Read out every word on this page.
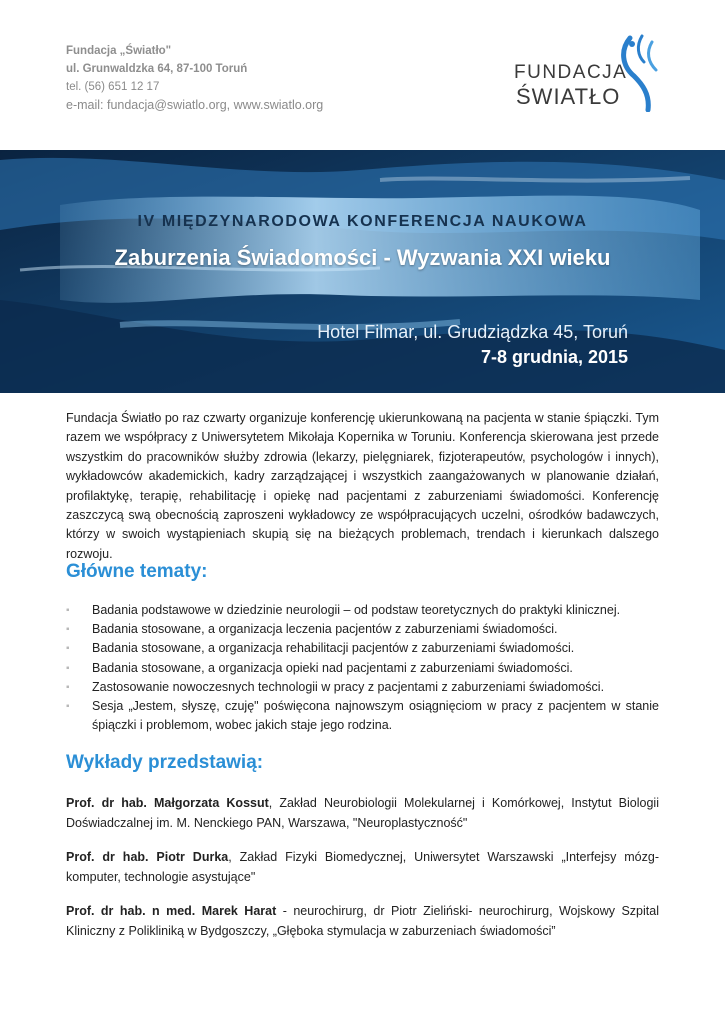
Fundacja „Światło"
ul. Grunwaldzka 64, 87-100 Toruń
tel. (56) 651 12 17
e-mail: fundacja@swiatlo.org, www.swiatlo.org
FUNDACJA
ŚWIATŁO
IV MIĘDZYNARODOWA KONFERENCJA NAUKOWA
Zaburzenia Świadomości - Wyzwania XXI wieku
Hotel Filmar, ul. Grudziądzka 45, Toruń
7-8 grudnia, 2015
Fundacja Światło po raz czwarty organizuje konferencję ukierunkowaną na pacjenta w stanie śpiączki. Tym razem we współpracy z Uniwersytetem Mikołaja Kopernika w Toruniu. Konferencja skierowana jest przede wszystkim do pracowników służby zdrowia (lekarzy, pielęgniarek, fizjoterapeutów, psychologów i innych), wykładowców akademickich, kadry zarządzającej i wszystkich zaangażowanych w planowanie działań, profilaktykę, terapię, rehabilitację i opiekę nad pacjentami z zaburzeniami świadomości. Konferencję zaszczycą swą obecnością zaproszeni wykładowcy ze współpracujących uczelni, ośrodków badawczych, którzy w swoich wystąpieniach skupią się na bieżących problemach, trendach i kierunkach dalszego rozwoju.
Główne tematy:
▪ Badania podstawowe w dziedzinie neurologii – od podstaw teoretycznych do praktyki klinicznej.
▪ Badania stosowane, a organizacja leczenia pacjentów z zaburzeniami świadomości.
▪ Badania stosowane, a organizacja rehabilitacji pacjentów z zaburzeniami świadomości.
▪ Badania stosowane, a organizacja opieki nad pacjentami z zaburzeniami świadomości.
▪ Zastosowanie nowoczesnych technologii w pracy z pacjentami z zaburzeniami świadomości.
▪ Sesja „Jestem, słyszę, czuję" poświęcona najnowszym osiągnięciom w pracy z pacjentem w stanie śpiączki i problemom, wobec jakich staje jego rodzina.
Wykłady przedstawią:
Prof. dr hab. Małgorzata Kossut, Zakład Neurobiologii Molekularnej i Komórkowej, Instytut Biologii Doświadczalnej im. M. Nenckiego PAN, Warszawa, "Neuroplastyczność"
Prof. dr hab. Piotr Durka, Zakład Fizyki Biomedycznej, Uniwersytet Warszawski „Interfejsy mózg- komputer, technologie asystujące"
Prof. dr hab. n med. Marek Harat - neurochirurg, dr Piotr Zieliński- neurochirurg, Wojskowy Szpital Kliniczny z Polikliniką w Bydgoszczy, „Głęboka stymulacja w zaburzeniach świadomości”
